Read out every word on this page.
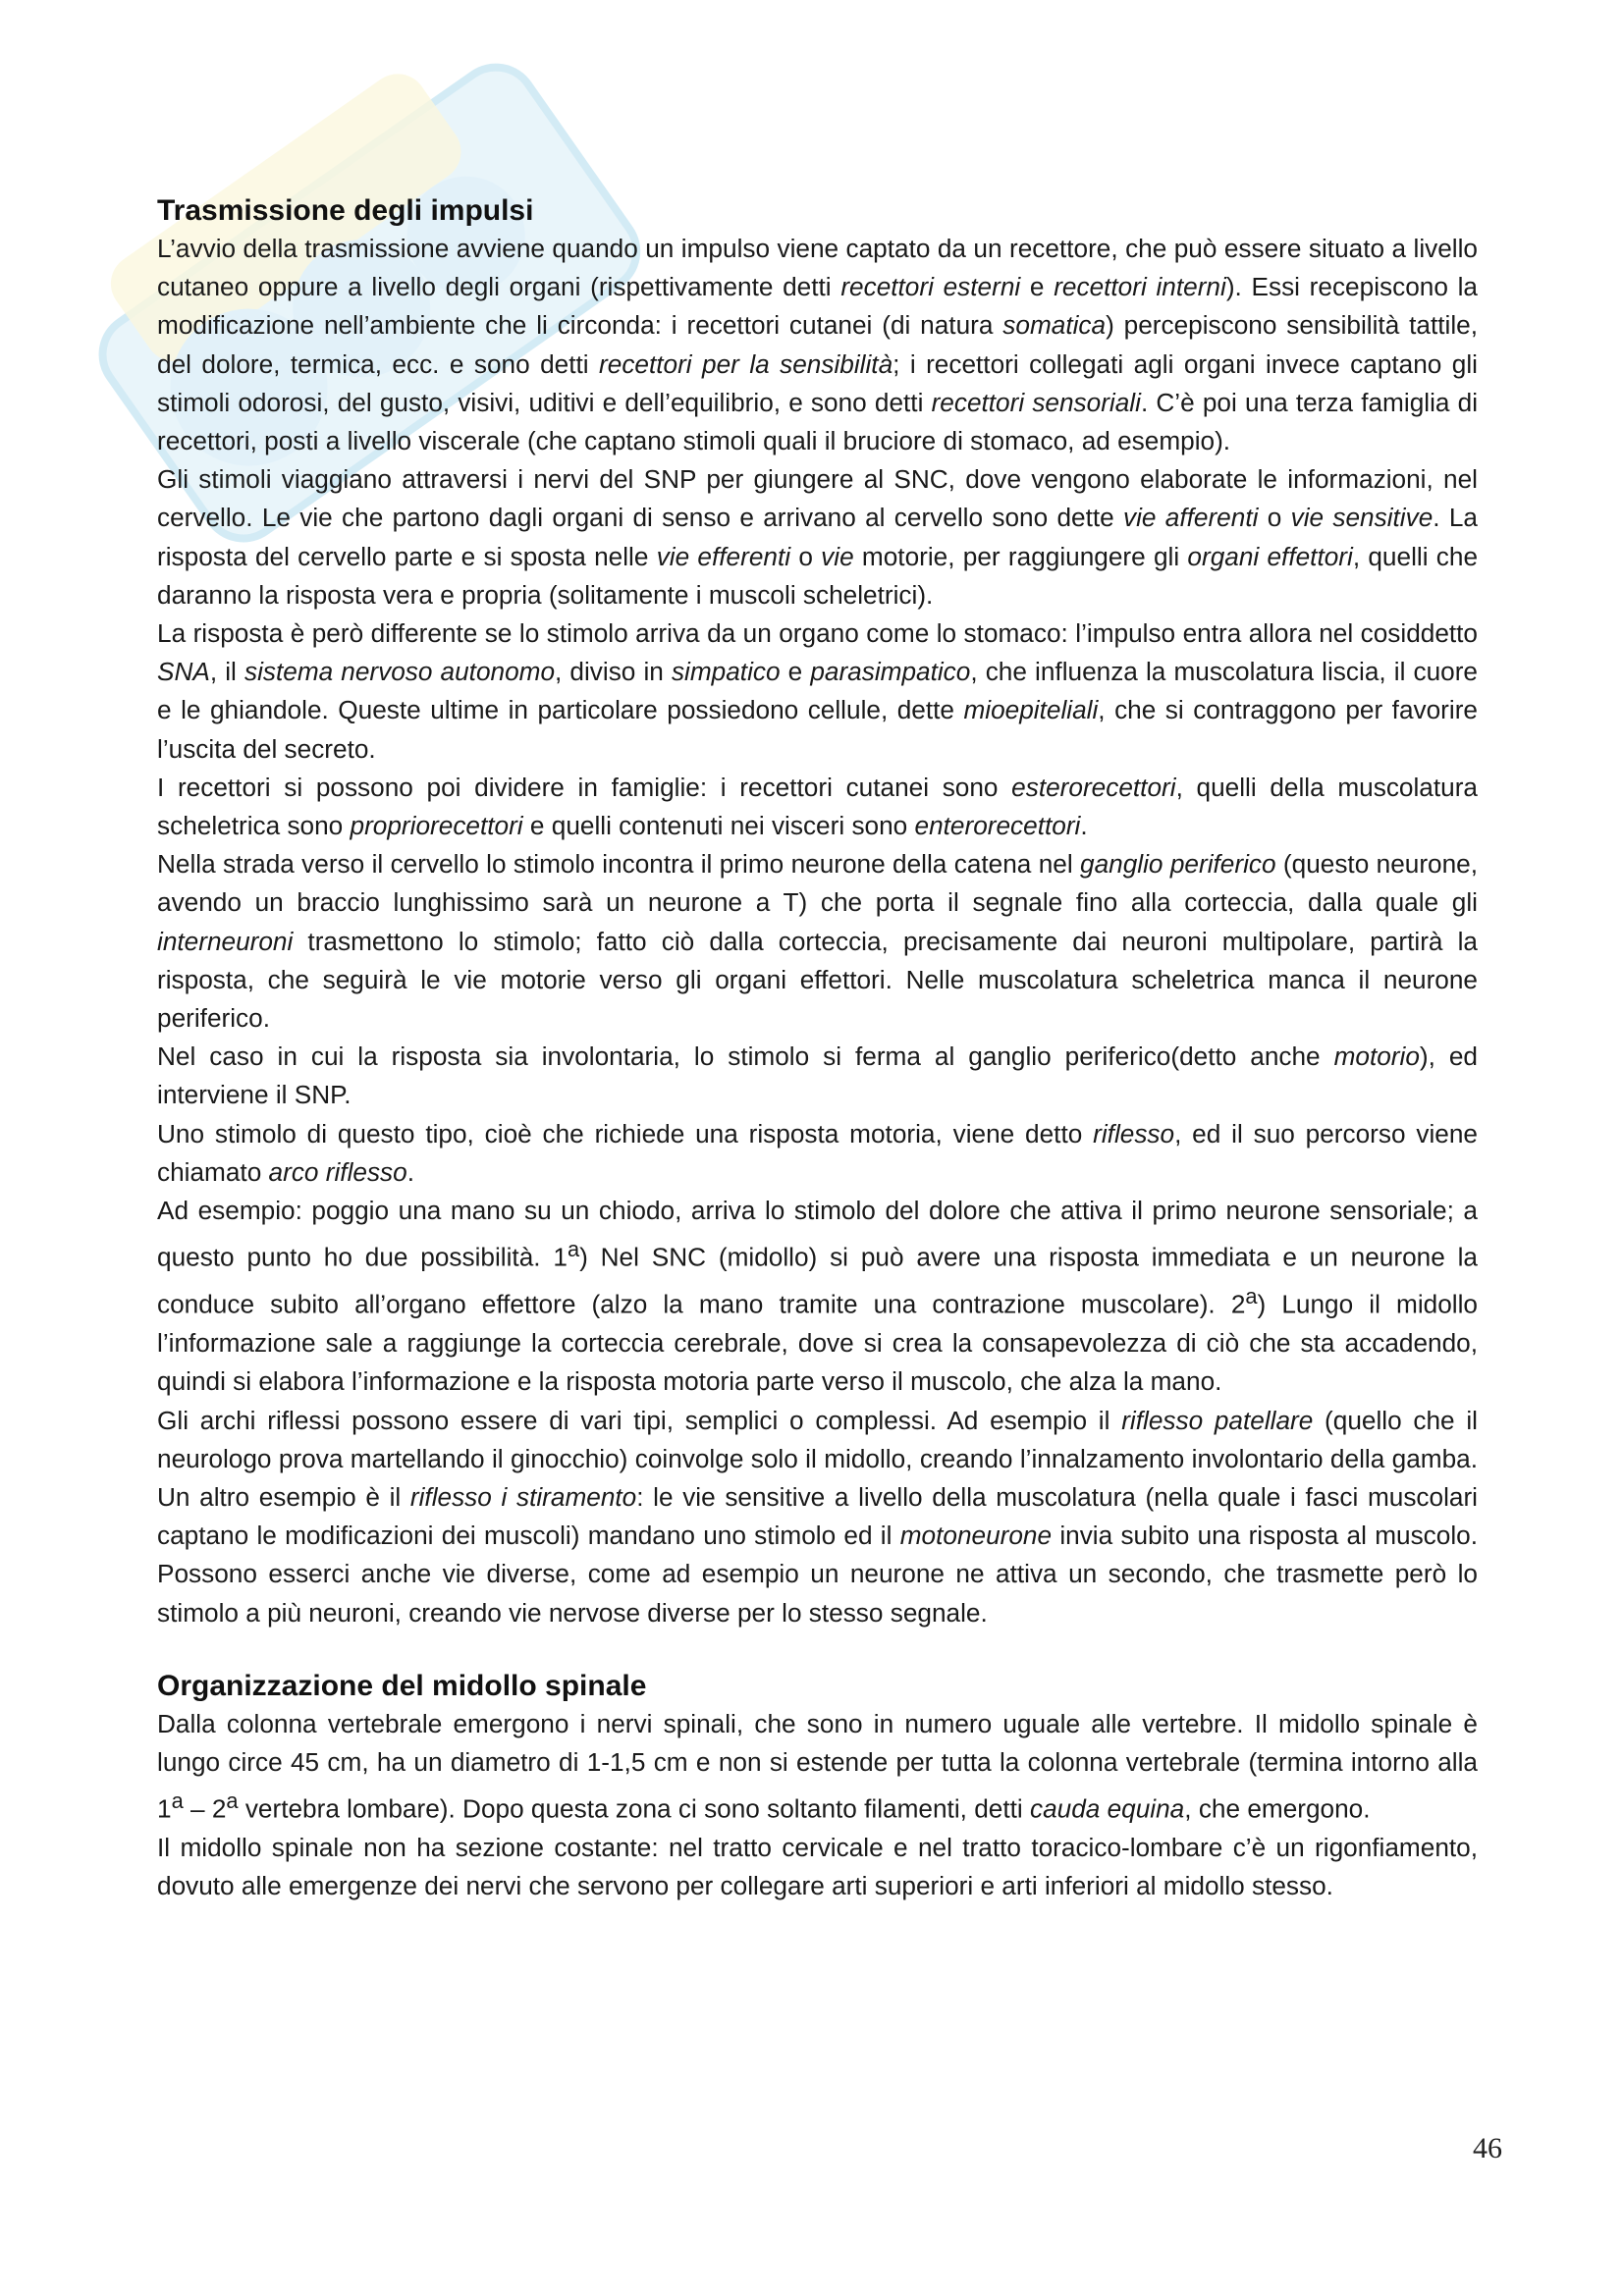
Trasmissione degli impulsi

L’avvio della trasmissione avviene quando un impulso viene captato da un recettore, che può essere situato a livello cutaneo oppure a livello degli organi (rispettivamente detti recettori esterni e recettori interni). Essi recepiscono la modificazione nell’ambiente che li circonda: i recettori cutanei (di natura somatica) percepiscono sensibilità tattile, del dolore, termica, ecc. e sono detti recettori per la sensibilità; i recettori collegati agli organi invece captano gli stimoli odorosi, del gusto, visivi, uditivi e dell’equilibrio, e sono detti recettori sensoriali. C’è poi una terza famiglia di recettori, posti a livello viscerale (che captano stimoli quali il bruciore di stomaco, ad esempio).

Gli stimoli viaggiano attraversi i nervi del SNP per giungere al SNC, dove vengono elaborate le informazioni, nel cervello. Le vie che partono dagli organi di senso e arrivano al cervello sono dette vie afferenti o vie sensitive. La risposta del cervello parte e si sposta nelle vie efferenti o vie motorie, per raggiungere gli organi effettori, quelli che daranno la risposta vera e propria (solitamente i muscoli scheletrici).

La risposta è però differente se lo stimolo arriva da un organo come lo stomaco: l’impulso entra allora nel cosiddetto SNA, il sistema nervoso autonomo, diviso in simpatico e parasimpatico, che influenza la muscolatura liscia, il cuore e le ghiandole. Queste ultime in particolare possiedono cellule, dette mioepiteliali, che si contraggono per favorire l’uscita del secreto.

I recettori si possono poi dividere in famiglie: i recettori cutanei sono esterorecettori, quelli della muscolatura scheletrica sono propriorecettori e quelli contenuti nei visceri sono enterorecettori.

Nella strada verso il cervello lo stimolo incontra il primo neurone della catena nel ganglio periferico (questo neurone, avendo un braccio lunghissimo sarà un neurone a T) che porta il segnale fino alla corteccia, dalla quale gli interneuroni trasmettono lo stimolo; fatto ciò dalla corteccia, precisamente dai neuroni multipolare, partirà la risposta, che seguirà le vie motorie verso gli organi effettori. Nelle muscolatura scheletrica manca il neurone periferico.

Nel caso in cui la risposta sia involontaria, lo stimolo si ferma al ganglio periferico(detto anche motorio), ed interviene il SNP.

Uno stimolo di questo tipo, cioè che richiede una risposta motoria, viene detto riflesso, ed il suo percorso viene chiamato arco riflesso.

Ad esempio: poggio una mano su un chiodo, arriva lo stimolo del dolore che attiva il primo neurone sensoriale; a questo punto ho due possibilità. 1$^a$) Nel SNC (midollo) si può avere una risposta immediata e un neurone la conduce subito all’organo effettore (alzo la mano tramite una contrazione muscolare). 2$^a$) Lungo il midollo l’informazione sale a raggiunge la corteccia cerebrale, dove si crea la consapevolezza di ciò che sta accadendo, quindi si elabora l’informazione e la risposta motoria parte verso il muscolo, che alza la mano.

Gli archi riflessi possono essere di vari tipi, semplici o complessi. Ad esempio il riflesso patellare (quello che il neurologo prova martellando il ginocchio) coinvolge solo il midollo, creando l’innalzamento involontario della gamba. Un altro esempio è il riflesso i stiramento: le vie sensitive a livello della muscolatura (nella quale i fasci muscolari captano le modificazioni dei muscoli) mandano uno stimolo ed il motoneurone invia subito una risposta al muscolo. Possono esserci anche vie diverse, come ad esempio un neurone ne attiva un secondo, che trasmette però lo stimolo a più neuroni, creando vie nervose diverse per lo stesso segnale.

Organizzazione del midollo spinale

Dalla colonna vertebrale emergono i nervi spinali, che sono in numero uguale alle vertebre. Il midollo spinale è lungo circe 45 cm, ha un diametro di 1-1,5 cm e non si estende per tutta la colonna vertebrale (termina intorno alla 1$^a$ – 2$^a$ vertebra lombare). Dopo questa zona ci sono soltanto filamenti, detti cauda equina, che emergono.

Il midollo spinale non ha sezione costante: nel tratto cervicale e nel tratto toracico-lombare c’è un rigonfiamento, dovuto alle emergenze dei nervi che servono per collegare arti superiori e arti inferiori al midollo stesso.

46
